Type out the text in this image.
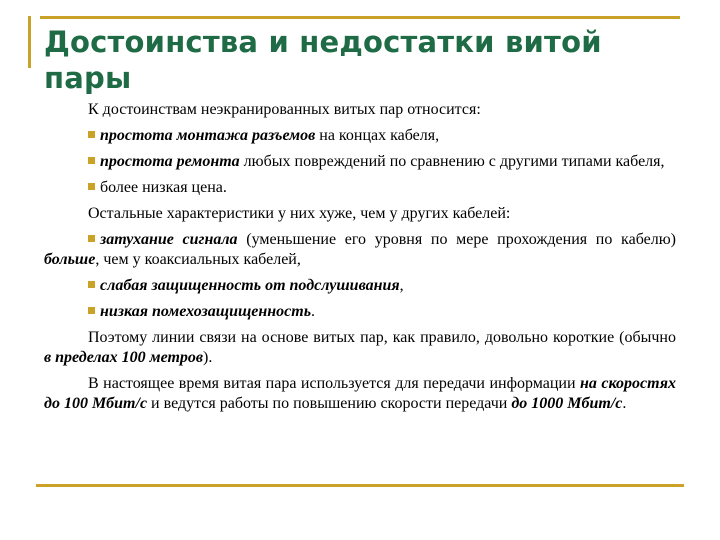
Достоинства и недостатки витой пары

К достоинствам неэкранированных витых пар относится:

простота монтажа разъемов на концах кабеля,

простота ремонта любых повреждений по сравнению с другими типами кабеля,

более низкая цена.

Остальные характеристики у них хуже, чем у других кабелей:

затухание сигнала (уменьшение его уровня по мере прохождения по кабелю) больше, чем у коаксиальных кабелей,

слабая защищенность от подслушивания,

низкая помехозащищенность.

Поэтому линии связи на основе витых пар, как правило, довольно короткие (обычно в пределах 100 метров).

В настоящее время витая пара используется для передачи информации на скоростях до 100 Мбит/с и ведутся работы по повышению скорости передачи до 1000 Мбит/с.
